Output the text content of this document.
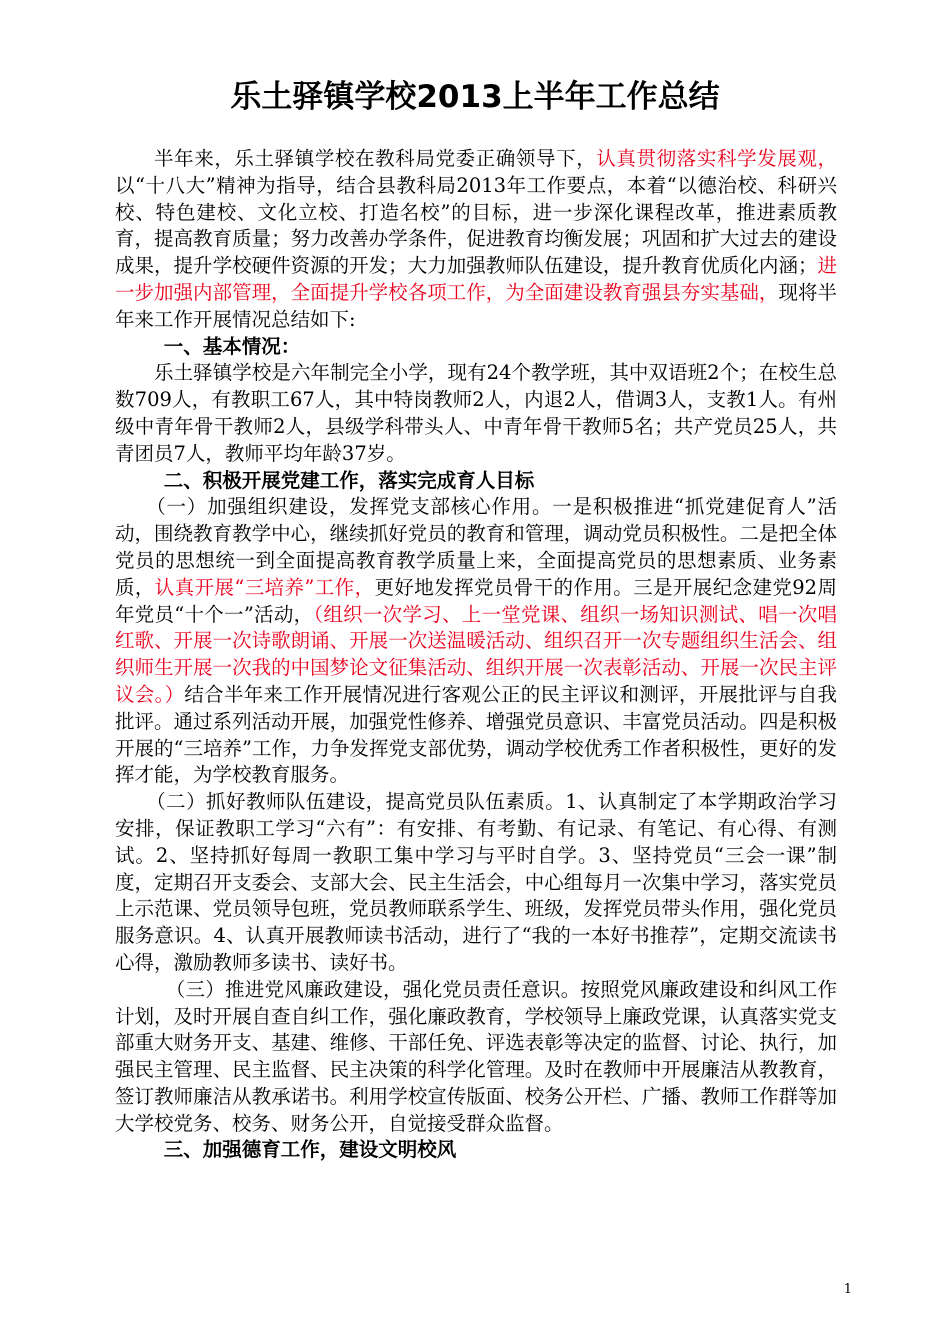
乐土驿镇学校2013上半年工作总结

半年来，乐土驿镇学校在教科局党委正确领导下，认真贯彻落实科学发展观，以“十八大”精神为指导，结合县教科局2013年工作要点，本着“以德治校、科研兴校、特色建校、文化立校、打造名校”的目标，进一步深化课程改革，推进素质教育，提高教育质量；努力改善办学条件，促进教育均衡发展；巩固和扩大过去的建设成果，提升学校硬件资源的开发；大力加强教师队伍建设，提升教育优质化内涵；进一步加强内部管理，全面提升学校各项工作，为全面建设教育强县夯实基础，现将半年来工作开展情况总结如下:

一、基本情况：

乐土驿镇学校是六年制完全小学，现有24个教学班，其中双语班2个；在校生总数709人，有教职工67人，其中特岗教师2人，内退2人，借调3人，支教1人。有州级中青年骨干教师2人，县级学科带头人、中青年骨干教师5名；共产党员25人，共青团员7人，教师平均年龄37岁。

二、积极开展党建工作，落实完成育人目标

（一）加强组织建设，发挥党支部核心作用。一是积极推进“抓党建促育人”活动，围绕教育教学中心，继续抓好党员的教育和管理，调动党员积极性。二是把全体党员的思想统一到全面提高教育教学质量上来，全面提高党员的思想素质、业务素质，认真开展“三培养”工作，更好地发挥党员骨干的作用。三是开展纪念建党92周年党员“十个一”活动，（组织一次学习、上一堂党课、组织一场知识测试、唱一次唱红歌、开展一次诗歌朗诵、开展一次送温暖活动、组织召开一次专题组织生活会、组织师生开展一次我的中国梦论文征集活动、组织开展一次表彰活动、开展一次民主评议会。）结合半年来工作开展情况进行客观公正的民主评议和测评，开展批评与自我批评。通过系列活动开展，加强党性修养、增强党员意识、丰富党员活动。四是积极开展的“三培养”工作，力争发挥党支部优势，调动学校优秀工作者积极性，更好的发挥才能，为学校教育服务。

（二）抓好教师队伍建设，提高党员队伍素质。1、认真制定了本学期政治学习安排，保证教职工学习“六有”：有安排、有考勤、有记录、有笔记、有心得、有测试。2、坚持抓好每周一教职工集中学习与平时自学。3、坚持党员“三会一课”制度，定期召开支委会、支部大会、民主生活会，中心组每月一次集中学习，落实党员上示范课、党员领导包班，党员教师联系学生、班级，发挥党员带头作用，强化党员服务意识。4、认真开展教师读书活动，进行了“我的一本好书推荐”，定期交流读书心得，激励教师多读书、读好书。

（三）推进党风廉政建设，强化党员责任意识。按照党风廉政建设和纠风工作计划，及时开展自查自纠工作，强化廉政教育，学校领导上廉政党课，认真落实党支部重大财务开支、基建、维修、干部任免、评选表彰等决定的监督、讨论、执行，加强民主管理、民主监督、民主决策的科学化管理。及时在教师中开展廉洁从教教育，签订教师廉洁从教承诺书。利用学校宣传版面、校务公开栏、广播、教师工作群等加大学校党务、校务、财务公开，自觉接受群众监督。

三、加强德育工作，建设文明校风
1
